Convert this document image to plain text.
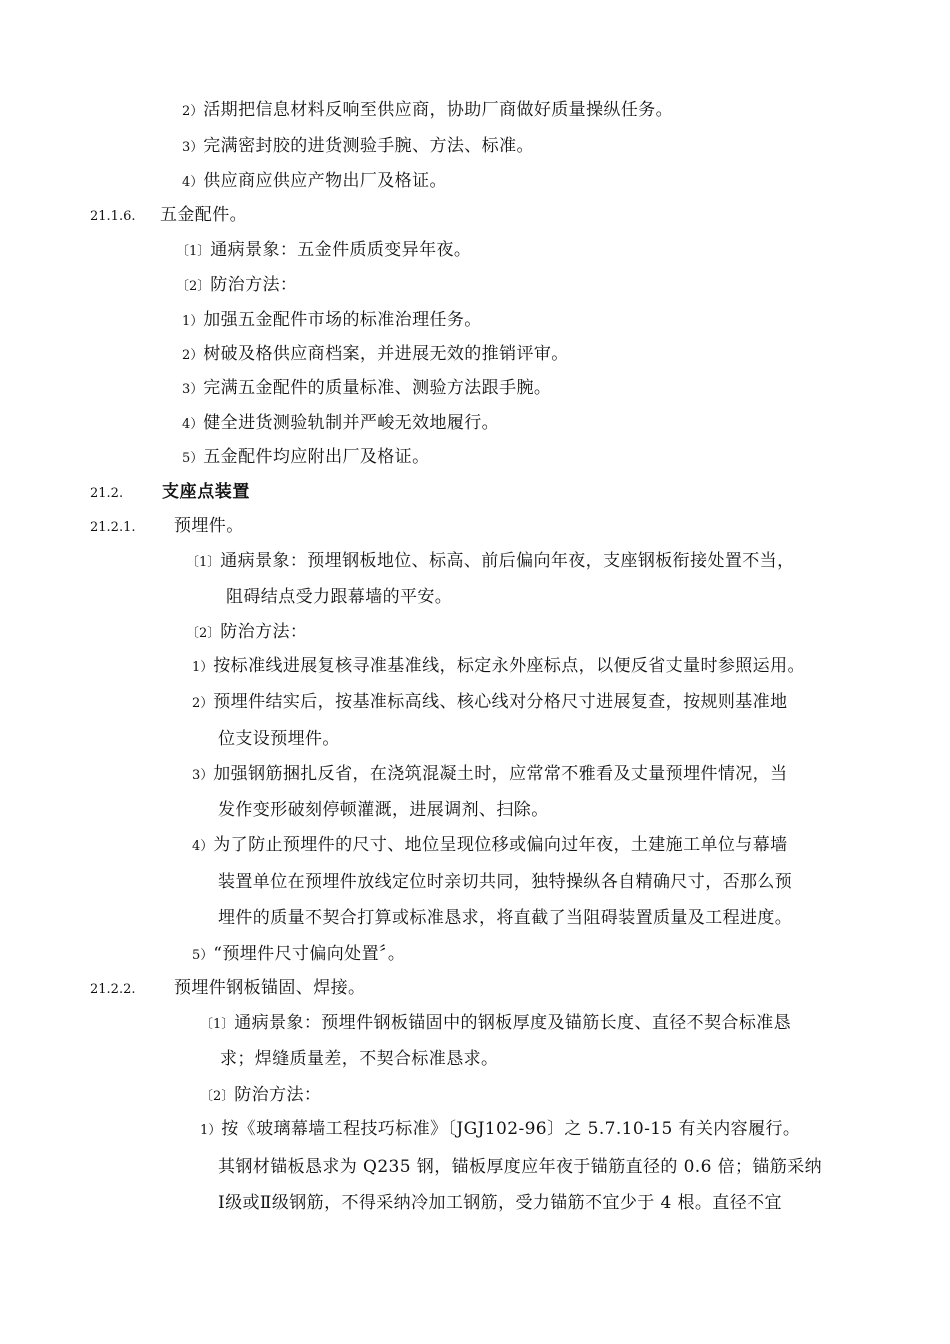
2）活期把信息材料反响至供应商，协助厂商做好质量操纵任务。
3）完满密封胶的进货测验手腕、方法、标准。
4）供应商应供应产物出厂及格证。
21.1.6. 五金配件。
〔1〕通病景象：五金件质质变异年夜。
〔2〕防治方法：
1）加强五金配件市场的标准治理任务。
2）树破及格供应商档案，并进展无效的推销评审。
3）完满五金配件的质量标准、测验方法跟手腕。
4）健全进货测验轨制并严峻无效地履行。
5）五金配件均应附出厂及格证。
21.2. 支座点装置
21.2.1. 预埋件。
〔1〕通病景象：预埋钢板地位、标高、前后偏向年夜，支座钢板衔接处置不当，
阻碍结点受力跟幕墙的平安。
〔2〕防治方法：
1）按标准线进展复核寻准基准线，标定永外座标点，以便反省丈量时参照运用。
2）预埋件结实后，按基准标高线、核心线对分格尺寸进展复查，按规则基准地
位支设预埋件。
3）加强钢筋捆扎反省，在浇筑混凝土时，应常常不雅看及丈量预埋件情况，当
发作变形破刻停顿灌溉，进展调剂、扫除。
4）为了防止预埋件的尺寸、地位呈现位移或偏向过年夜，土建施工单位与幕墙
装置单位在预埋件放线定位时亲切共同，独特操纵各自精确尺寸，否那么预
埋件的质量不契合打算或标准恳求，将直截了当阻碍装置质量及工程进度。
5）“预埋件尺寸偏向处置〞。
21.2.2. 预埋件钢板锚固、焊接。
〔1〕通病景象：预埋件钢板锚固中的钢板厚度及锚筋长度、直径不契合标准恳
求；焊缝质量差，不契合标准恳求。
〔2〕防治方法：
1）按《玻璃幕墙工程技巧标准》〔JGJ102-96〕之 5.7.10-15 有关内容履行。
其钢材锚板恳求为 Q235 钢，锚板厚度应年夜于锚筋直径的 0.6 倍；锚筋采纳
Ⅰ级或Ⅱ级钢筋，不得采纳冷加工钢筋，受力锚筋不宜少于 4 根。直径不宜
